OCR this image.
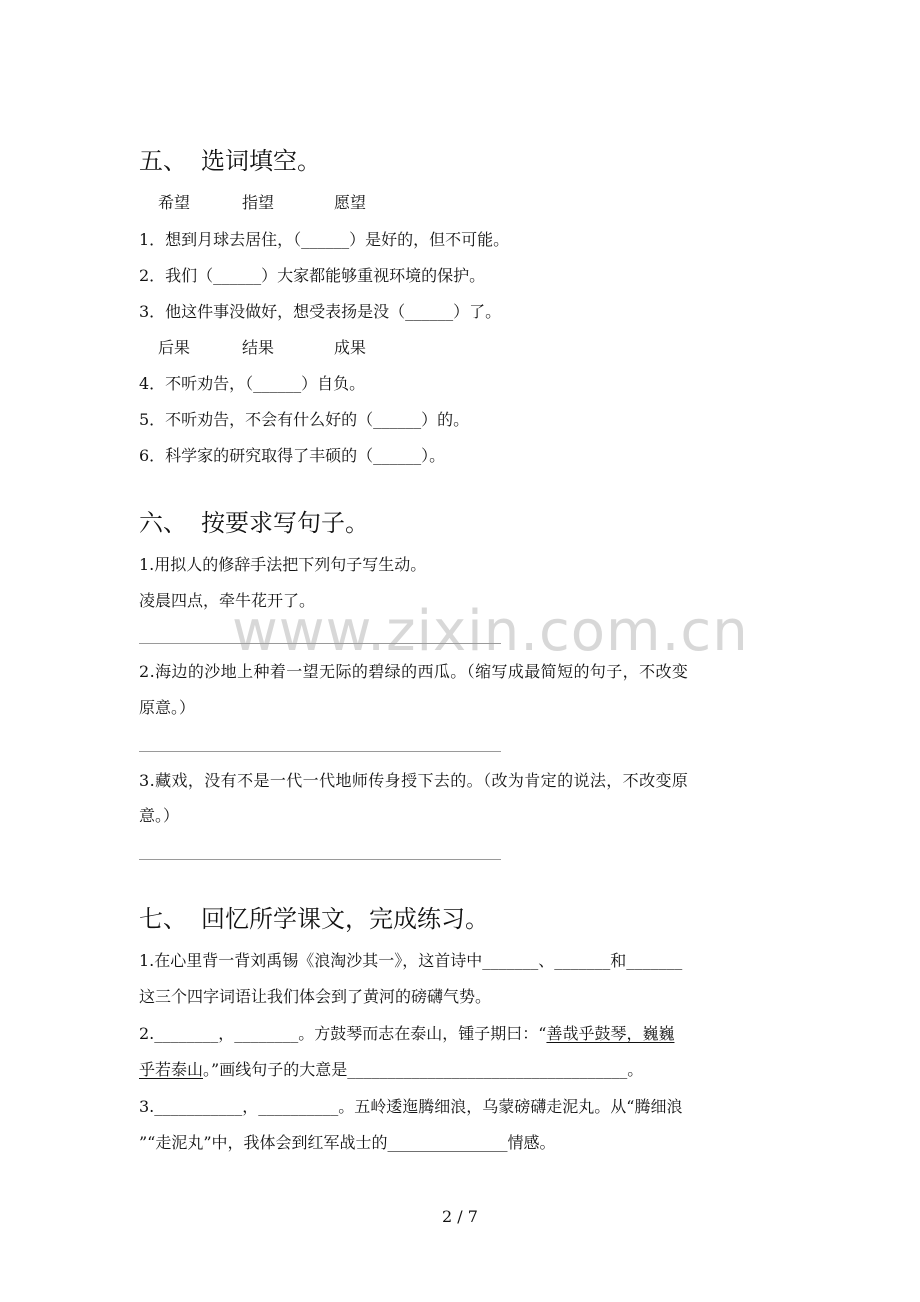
www.zixin.com.cn
五、 选词填空。
希望	指望	愿望
1．想到月球去居住，（______）是好的，但不可能。
2．我们（______）大家都能够重视环境的保护。
3．他这件事没做好，想受表扬是没（______）了。
后果	结果	成果
4．不听劝告，（______）自负。
5．不听劝告，不会有什么好的（______）的。
6．科学家的研究取得了丰硕的（______）。
六、 按要求写句子。
1.用拟人的修辞手法把下列句子写生动。
凌晨四点，牵牛花开了。
2.海边的沙地上种着一望无际的碧绿的西瓜。（缩写成最简短的句子，不改变
原意。）
3.藏戏，没有不是一代一代地师传身授下去的。（改为肯定的说法，不改变原
意。）
七、 回忆所学课文，完成练习。
1.在心里背一背刘禹锡《浪淘沙其一》，这首诗中_______、_______和_______
这三个四字词语让我们体会到了黄河的磅礴气势。
2.________，________。方鼓琴而志在泰山，锺子期曰：“善哉乎鼓琴，巍巍
乎若泰山。”画线句子的大意是___________________________________。
3.___________，__________。五岭逶迤腾细浪，乌蒙磅礴走泥丸。从“腾细浪
”“走泥丸”中，我体会到红军战士的_______________情感。
2 / 7
